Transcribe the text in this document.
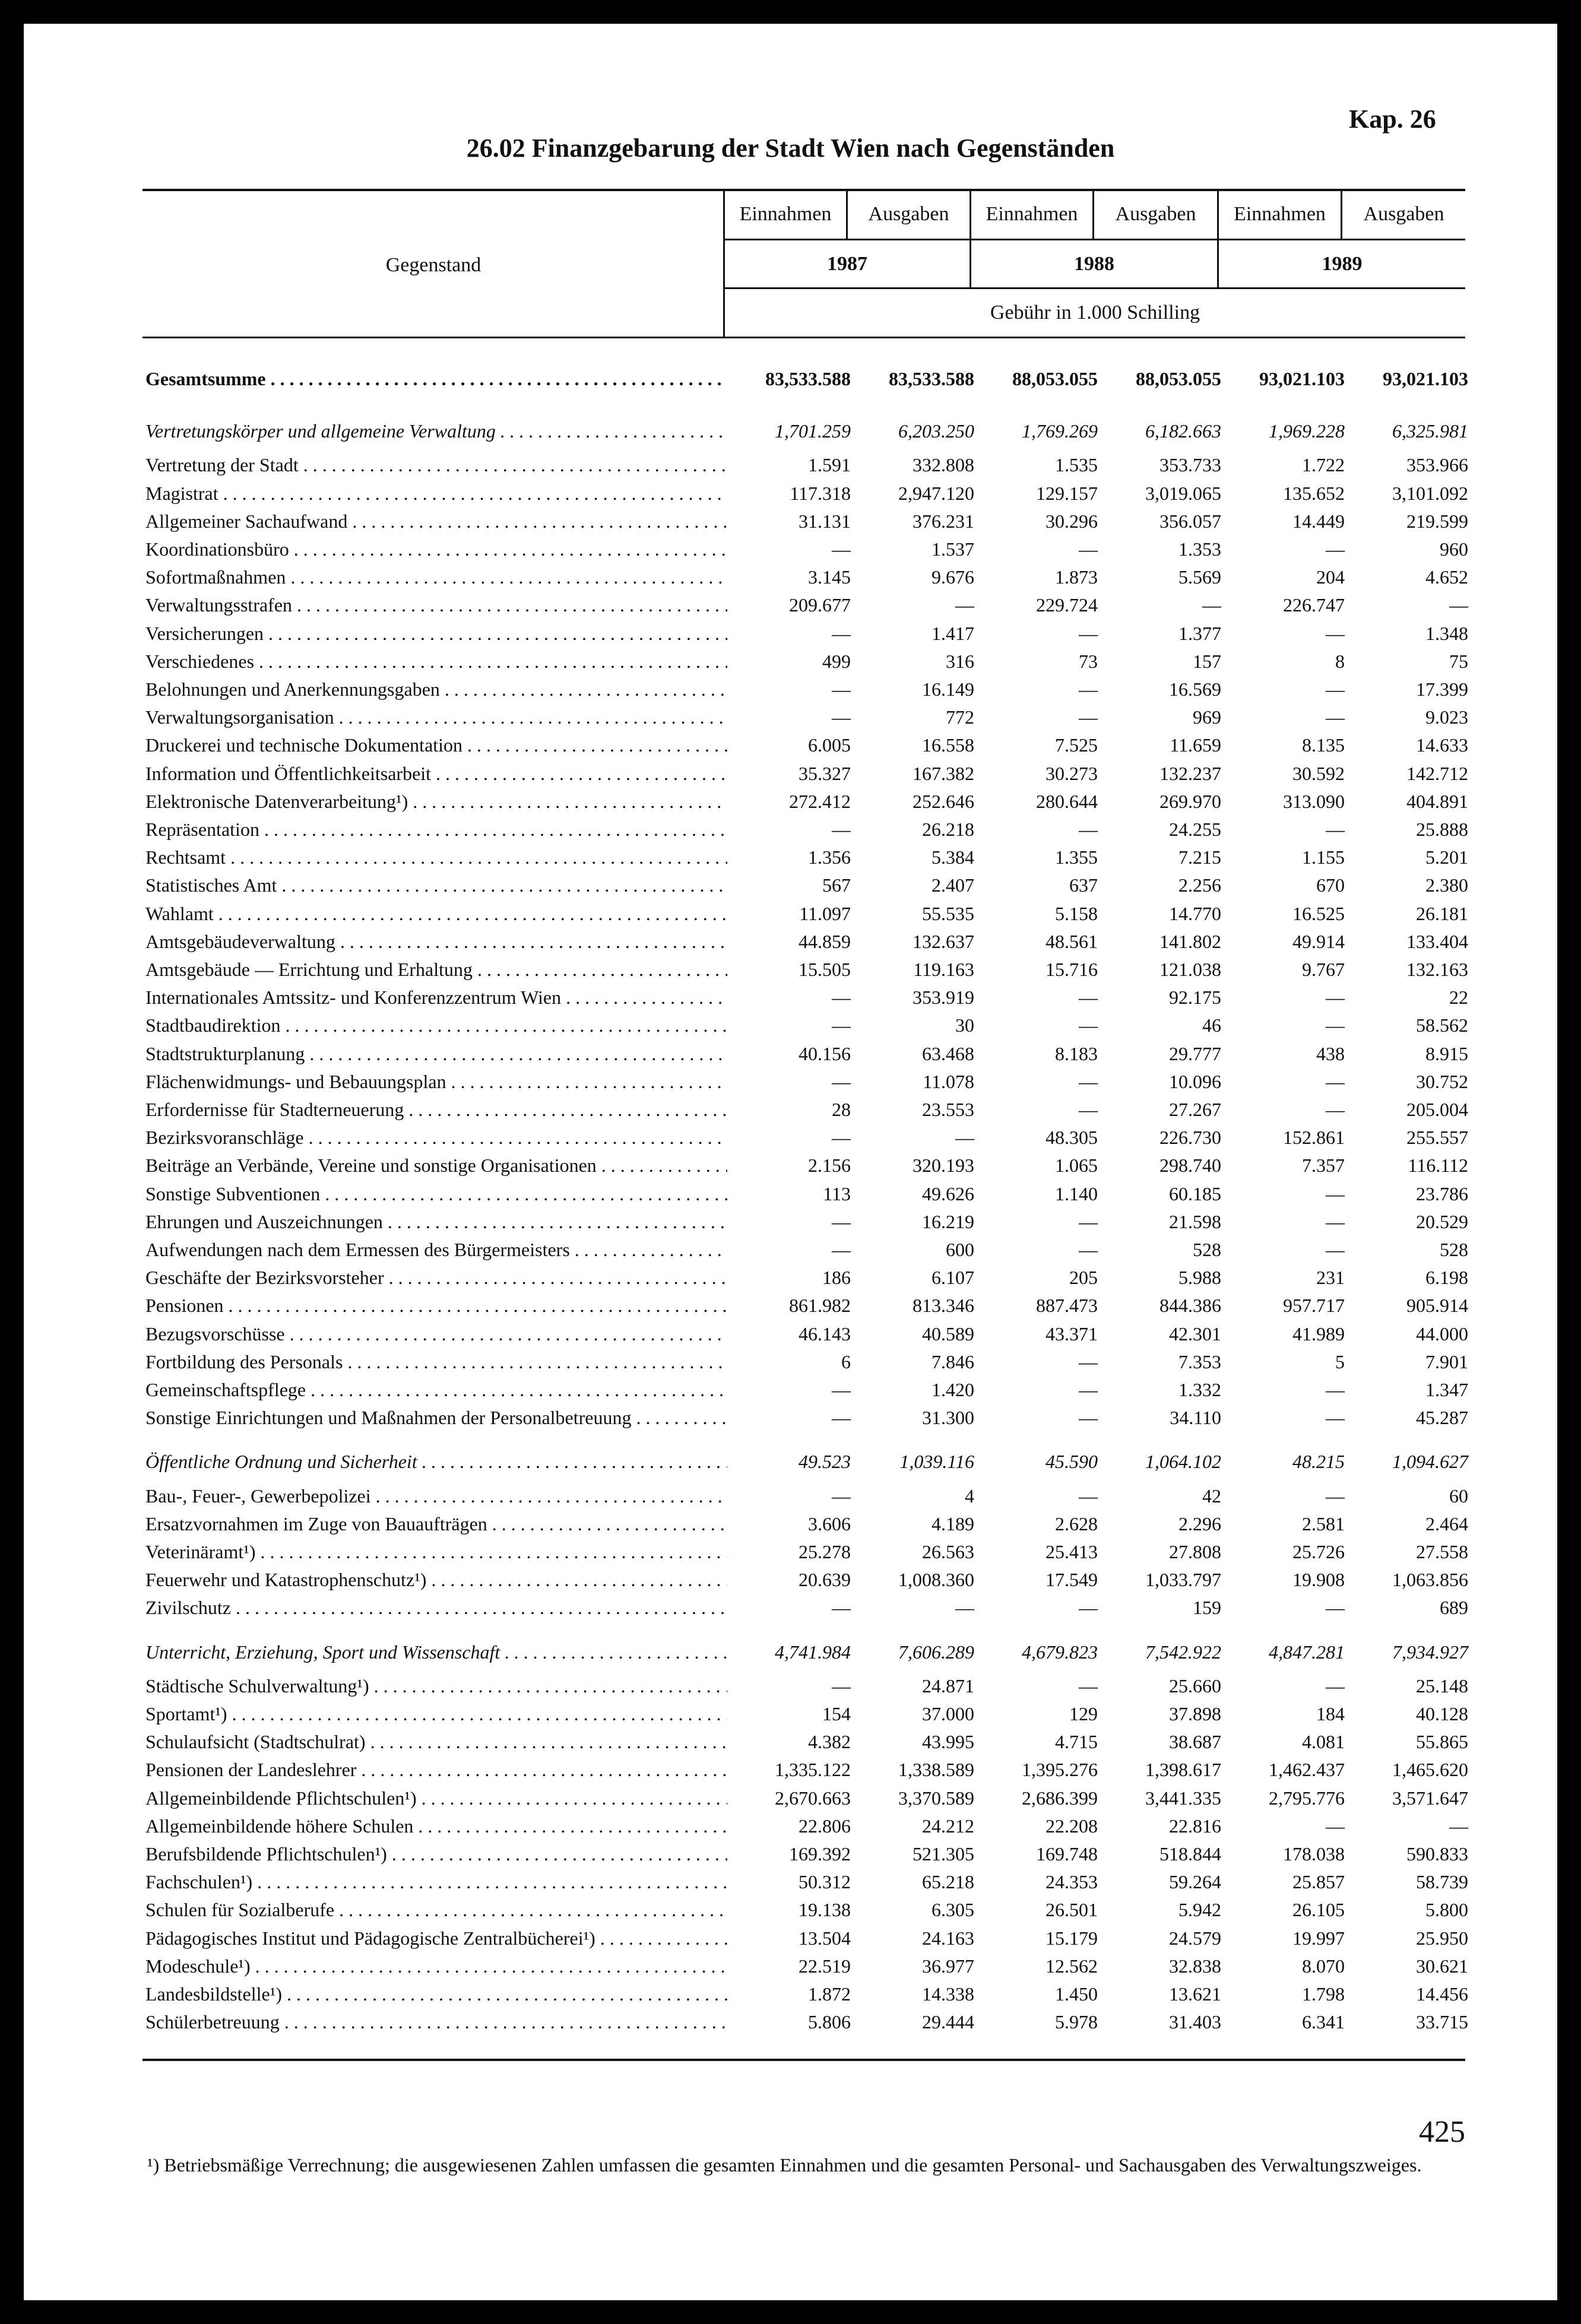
Kap. 26
26.02 Finanzgebarung der Stadt Wien nach Gegenständen
Gegenstand
Einnahmen	Ausgaben	Einnahmen	Ausgaben	Einnahmen	Ausgaben
1987	1988	1989
Gebühr in 1.000 Schilling
Gesamtsumme . . .	83,533.588	83,533.588	88,053.055	88,053.055	93,021.103	93,021.103
Vertretungskörper und allgemeine Verwaltung . . .	1,701.259	6,203.250	1,769.269	6,182.663	1,969.228	6,325.981
Vertretung der Stadt . . .	1.591	332.808	1.535	353.733	1.722	353.966
Magistrat . . .	117.318	2,947.120	129.157	3,019.065	135.652	3,101.092
Allgemeiner Sachaufwand . . .	31.131	376.231	30.296	356.057	14.449	219.599
Koordinationsbüro . . .	—	1.537	—	1.353	—	960
Sofortmaßnahmen . . .	3.145	9.676	1.873	5.569	204	4.652
Verwaltungsstrafen . . .	209.677	—	229.724	—	226.747	—
Versicherungen . . .	—	1.417	—	1.377	—	1.348
Verschiedenes . . .	499	316	73	157	8	75
Belohnungen und Anerkennungsgaben . . .	—	16.149	—	16.569	—	17.399
Verwaltungsorganisation . . .	—	772	—	969	—	9.023
Druckerei und technische Dokumentation . . .	6.005	16.558	7.525	11.659	8.135	14.633
Information und Öffentlichkeitsarbeit . . .	35.327	167.382	30.273	132.237	30.592	142.712
Elektronische Datenverarbeitung¹) . . .	272.412	252.646	280.644	269.970	313.090	404.891
Repräsentation . . .	—	26.218	—	24.255	—	25.888
Rechtsamt . . .	1.356	5.384	1.355	7.215	1.155	5.201
Statistisches Amt . . .	567	2.407	637	2.256	670	2.380
Wahlamt . . .	11.097	55.535	5.158	14.770	16.525	26.181
Amtsgebäudeverwaltung . . .	44.859	132.637	48.561	141.802	49.914	133.404
Amtsgebäude — Errichtung und Erhaltung . . .	15.505	119.163	15.716	121.038	9.767	132.163
Internationales Amtssitz- und Konferenzzentrum Wien . . .	—	353.919	—	92.175	—	22
Stadtbaudirektion . . .	—	30	—	46	—	58.562
Stadtstrukturplanung . . .	40.156	63.468	8.183	29.777	438	8.915
Flächenwidmungs- und Bebauungsplan . . .	—	11.078	—	10.096	—	30.752
Erfordernisse für Stadterneuerung . . .	28	23.553	—	27.267	—	205.004
Bezirksvoranschläge . . .	—	—	48.305	226.730	152.861	255.557
Beiträge an Verbände, Vereine und sonstige Organisationen . . .	2.156	320.193	1.065	298.740	7.357	116.112
Sonstige Subventionen . . .	113	49.626	1.140	60.185	—	23.786
Ehrungen und Auszeichnungen . . .	—	16.219	—	21.598	—	20.529
Aufwendungen nach dem Ermessen des Bürgermeisters . . .	—	600	—	528	—	528
Geschäfte der Bezirksvorsteher . . .	186	6.107	205	5.988	231	6.198
Pensionen . . .	861.982	813.346	887.473	844.386	957.717	905.914
Bezugsvorschüsse . . .	46.143	40.589	43.371	42.301	41.989	44.000
Fortbildung des Personals . . .	6	7.846	—	7.353	5	7.901
Gemeinschaftspflege . . .	—	1.420	—	1.332	—	1.347
Sonstige Einrichtungen und Maßnahmen der Personalbetreuung . . .	—	31.300	—	34.110	—	45.287
Öffentliche Ordnung und Sicherheit . . .	49.523	1,039.116	45.590	1,064.102	48.215	1,094.627
Bau-, Feuer-, Gewerbepolizei . . .	—	4	—	42	—	60
Ersatzvornahmen im Zuge von Bauaufträgen . . .	3.606	4.189	2.628	2.296	2.581	2.464
Veterinäramt¹) . . .	25.278	26.563	25.413	27.808	25.726	27.558
Feuerwehr und Katastrophenschutz¹) . . .	20.639	1,008.360	17.549	1,033.797	19.908	1,063.856
Zivilschutz . . .	—	—	—	159	—	689
Unterricht, Erziehung, Sport und Wissenschaft . . .	4,741.984	7,606.289	4,679.823	7,542.922	4,847.281	7,934.927
Städtische Schulverwaltung¹) . . .	—	24.871	—	25.660	—	25.148
Sportamt¹) . . .	154	37.000	129	37.898	184	40.128
Schulaufsicht (Stadtschulrat) . . .	4.382	43.995	4.715	38.687	4.081	55.865
Pensionen der Landeslehrer . . .	1,335.122	1,338.589	1,395.276	1,398.617	1,462.437	1,465.620
Allgemeinbildende Pflichtschulen¹) . . .	2,670.663	3,370.589	2,686.399	3,441.335	2,795.776	3,571.647
Allgemeinbildende höhere Schulen . . .	22.806	24.212	22.208	22.816	—	—
Berufsbildende Pflichtschulen¹) . . .	169.392	521.305	169.748	518.844	178.038	590.833
Fachschulen¹) . . .	50.312	65.218	24.353	59.264	25.857	58.739
Schulen für Sozialberufe . . .	19.138	6.305	26.501	5.942	26.105	5.800
Pädagogisches Institut und Pädagogische Zentralbücherei¹) . . .	13.504	24.163	15.179	24.579	19.997	25.950
Modeschule¹) . . .	22.519	36.977	12.562	32.838	8.070	30.621
Landesbildstelle¹) . . .	1.872	14.338	1.450	13.621	1.798	14.456
Schülerbetreuung . . .	5.806	29.444	5.978	31.403	6.341	33.715
¹) Betriebsmäßige Verrechnung; die ausgewiesenen Zahlen umfassen die gesamten Einnahmen und die gesamten Personal- und Sachausgaben des Verwaltungszweiges.
425
